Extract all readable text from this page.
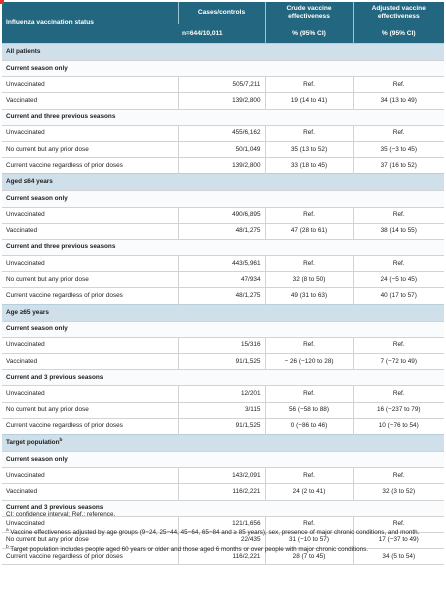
Influenza vaccination status	Cases/controls	Crude vaccine effectiveness	Adjusted vaccine effectiveness
	n=644/10,011	% (95% CI)	% (95% CI)
All patients			
Current season only			
Unvaccinated	505/7,211	Ref.	Ref.
Vaccinated	139/2,800	19 (14 to 41)	34 (13 to 49)
Current and three previous seasons			
Unvaccinated	455/6,162	Ref.	Ref.
No current but any prior dose	50/1,049	35 (13 to 52)	35 (−3 to 45)
Current vaccine regardless of prior doses	139/2,800	33 (18 to 45)	37 (16 to 52)
Aged ≤64 years			
Current season only			
Unvaccinated	490/6,895	Ref.	Ref.
Vaccinated	48/1,275	47 (28 to 61)	38 (14 to 55)
Current and three previous seasons			
Unvaccinated	443/5,961	Ref.	Ref.
No current but any prior dose	47/934	32 (8 to 50)	24 (−5 to 45)
Current vaccine regardless of prior doses	48/1,275	49 (31 to 63)	40 (17 to 57)
Age ≥65 years			
Current season only			
Unvaccinated	15/316	Ref.	Ref.
Vaccinated	91/1,525	− 26 (−120 to 28)	7 (−72 to 49)
Current and 3 previous seasons			
Unvaccinated	12/201	Ref.	Ref.
No current but any prior dose	3/115	56 (−58 to 88)	16 (−237 to 79)
Current vaccine regardless of prior doses	91/1,525	0 (−86 to 46)	10 (−76 to 54)
Target population$^b$
Current season only			
Unvaccinated	143/2,091	Ref.	Ref.
Vaccinated	116/2,221	24 (2 to 41)	32 (3 to 52)
Current and 3 previous seasons			
Unvaccinated	121/1,656	Ref.	Ref.
No current but any prior dose	22/435	31 (−10 to 57)	17 (−37 to 49)
Current vaccine regardless of prior doses	116/2,221	28 (7 to 45)	34 (5 to 54)

CI: confidence interval; Ref.: reference.

$^a$ Vaccine effectiveness adjusted by age groups (9−24, 25−44, 45−64, 65−84 and ≥ 85 years), sex, presence of major chronic conditions, and month.

$^b$ Target population includes people aged 60 years or older and those aged 6 months or over people with major chronic conditions.
